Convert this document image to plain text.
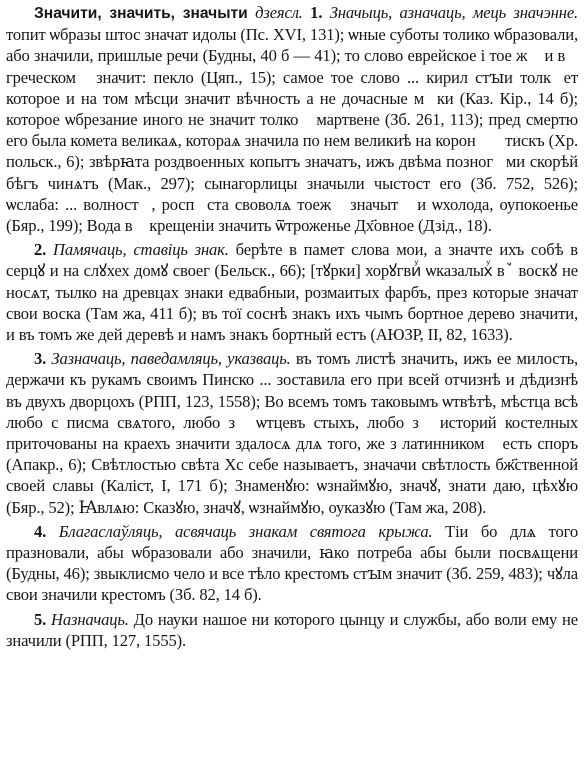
Значити, значить, значыти дзеясл. 1. Значыць, азначаць, мець значэнне. топит ѡбразы штос значат идолы (Пс. XVI, 131); ѡные суботы толико ѡбразовали, або значили, пришлые речи (Будны, 40 б — 41); то слово еврейское і тое жꙷ и вꙿ греческомꙷ значит: пекло (Цяп., 15); самое тое слово ... кирил стꙑи толкꙋет которое и на том мѣсци значит вѣчность а не дочасные мꙋки (Каз. Кір., 14 б); которое ѡбрезание иного не значит толко ꙋмартвене (Зб. 261, 113); пред смертю его была комета великаѧ, котораѧ значила по нем великиѣ на коронꙋ ꙋтискъ (Хр. польск., 6); звѣрꙗта роздвоенных копытъ значатъ, ижъ двѣма позногꙷми скорѣй бѣгъ чинѧтъ (Мак., 297); сынагорлицы значыли чыстост его (Зб. 752, 526); ѡслаба: ... волностꙷ, роспꙋста своволѧ тоежꙷ значытꙷ и ѡхолода, оупокоенье (Бяр., 199); Вода вꙿ крещеніи значить ѿтроженье Дх҃овное (Дзід., 18).

2. Памячаць, ставіць знак. берѣте в памет слова мои, а значте ихъ собѣ в серцꙋ и на слꙋхех домꙋ своег (Бельск., 66); [тꙋрки] хорꙋгвиꙷ ѡказалыхꙷ вꙿ воскꙋ не носѧт, тылко на древцах знаки едвабныи, розмаитых фарбъ, през которые значат свои воска (Там жа, 411 б); въ тої соснѣ знакъ ихъ чымъ бортное дерево значити, и въ томъ же дей деревѣ и намъ знакъ бортный естъ (АЮЗР, II, 82, 1633).

3. Зазначаць, паведамляць, указваць. въ томъ листѣ значить, ижъ ее милость, держачи къ рукамъ своимъ Пинско ... зоставила его при всей отчизнѣ и дѣдизнѣ въ двухъ дворцохъ (РПП, 123, 1558); Во всемъ томъ таковымъ ѡтвѣтѣ, мѣстца всѣ любо с писма свѧтого, любо зꙷ ѡтцевъ стыхъ, любо зꙷ историй костелных приточованы на краехъ значити здалосѧ длѧ того, же з латинникомꙿ есть споръ (Апакр., 6); Свѣтлостью свѣта Хс себе называетъ, значачи свѣтлость бж҃ственной своей славы (Каліст, I, 171 б); Знаменꙋю: ѡзнаймꙋю, значꙋ, знати даю, цѣхꙋю (Бяр., 52); Ꙗвлѧю: Сказꙋю, значꙋ, ѡзнаймꙋю, оуказꙋю (Там жа, 208).

4. Благаслаўляць, асвячаць знакам святога крыжа. Тіи бо длѧ того празновали, абы ѡбразовали або значили, ꙗко потреба абы были посвѧщени (Будны, 46); звыклисмо чело и все тѣло крестомъ стꙑм значит (Зб. 259, 483); чꙋла свои значили крестомъ (Зб. 82, 14 б).

5. Назначаць. До науки нашое ни которого цынцу и службы, або воли ему не значили (РПП, 127, 1555).
